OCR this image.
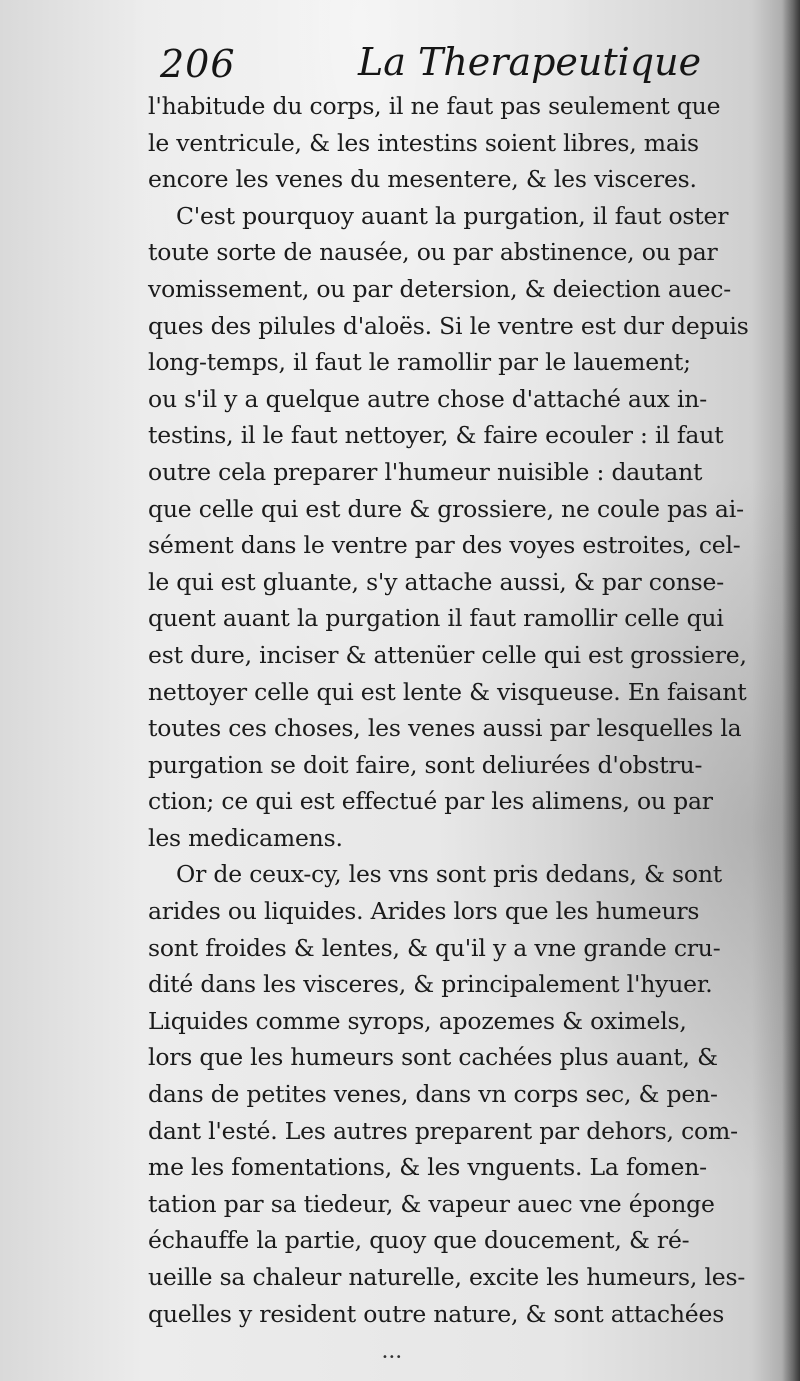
206	La Therapeutique
l'habitude du corps, il ne faut pas seulement que
le ventricule, & les intestins soient libres, mais
encore les venes du mesentere, & les visceres.
C'est pourquoy auant la purgation, il faut oster
toute sorte de nausée, ou par abstinence, ou par
vomissement, ou par detersion, & deiection auec-
ques des pilules d'aloës. Si le ventre est dur depuis
long-temps, il faut le ramollir par le lauement;
ou s'il y a quelque autre chose d'attaché aux in-
testins, il le faut nettoyer, & faire ecouler : il faut
outre cela preparer l'humeur nuisible : dautant
que celle qui est dure & grossiere, ne coule pas ai-
sément dans le ventre par des voyes estroites, cel-
le qui est gluante, s'y attache aussi, & par conse-
quent auant la purgation il faut ramollir celle qui
est dure, inciser & attenüer celle qui est grossiere,
nettoyer celle qui est lente & visqueuse. En faisant
toutes ces choses, les venes aussi par lesquelles la
purgation se doit faire, sont deliurées d'obstru-
ction; ce qui est effectué par les alimens, ou par
les medicamens.
Or de ceux-cy, les vns sont pris dedans, & sont
arides ou liquides. Arides lors que les humeurs
sont froides & lentes, & qu'il y a vne grande cru-
dité dans les visceres, & principalement l'hyuer.
Liquides comme syrops, apozemes & oximels,
lors que les humeurs sont cachées plus auant, &
dans de petites venes, dans vn corps sec, & pen-
dant l'esté. Les autres preparent par dehors, com-
me les fomentations, & les vnguents. La fomen-
tation par sa tiedeur, & vapeur auec vne éponge
échauffe la partie, quoy que doucement, & ré-
ueille sa chaleur naturelle, excite les humeurs, les-
quelles y resident outre nature, & sont attachées
•••
